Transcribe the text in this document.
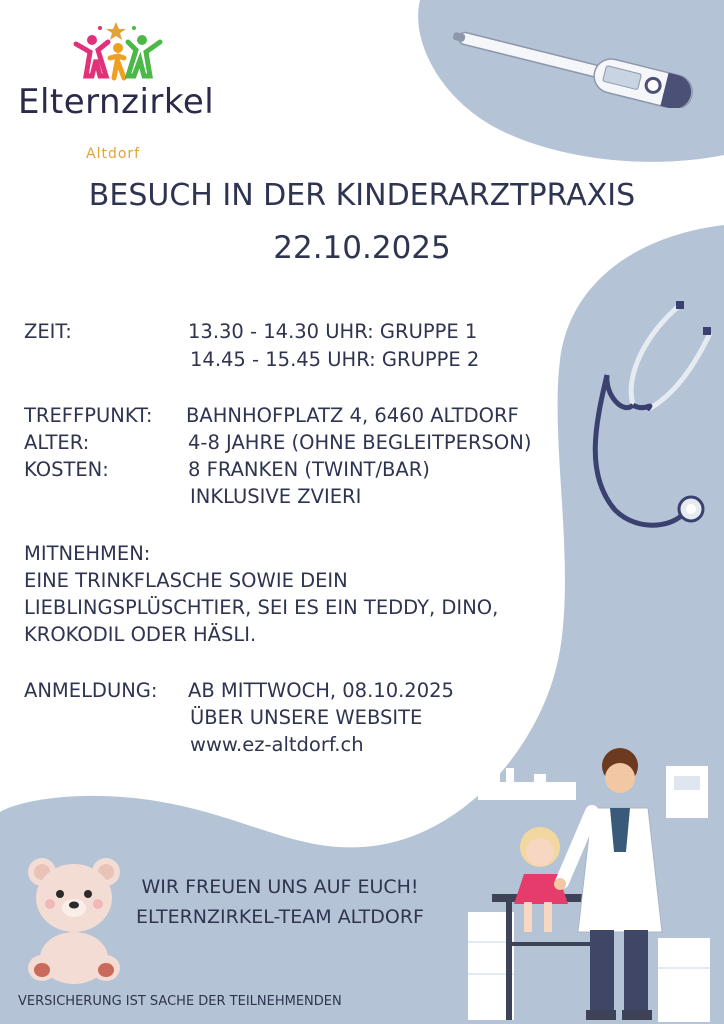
Elternzirkel
Altdorf
BESUCH IN DER KINDERARZTPRAXIS
22.10.2025
ZEIT:	13.30 - 14.30 UHR: GRUPPE 1
14.45 - 15.45 UHR: GRUPPE 2
TREFFPUNKT: BAHNHOFPLATZ 4, 6460 ALTDORF
ALTER:	4-8 JAHRE (OHNE BEGLEITPERSON)
KOSTEN:	8 FRANKEN (TWINT/BAR)
INKLUSIVE ZVIERI
MITNEHMEN:
EINE TRINKFLASCHE SOWIE DEIN
LIEBLINGSPLÜSCHTIER, SEI ES EIN TEDDY, DINO,
KROKODIL ODER HÄSLI.
ANMELDUNG: AB MITTWOCH, 08.10.2025
ÜBER UNSERE WEBSITE
www.ez-altdorf.ch
WIR FREUEN UNS AUF EUCH!
ELTERNZIRKEL-TEAM ALTDORF
VERSICHERUNG IST SACHE DER TEILNEHMENDEN
